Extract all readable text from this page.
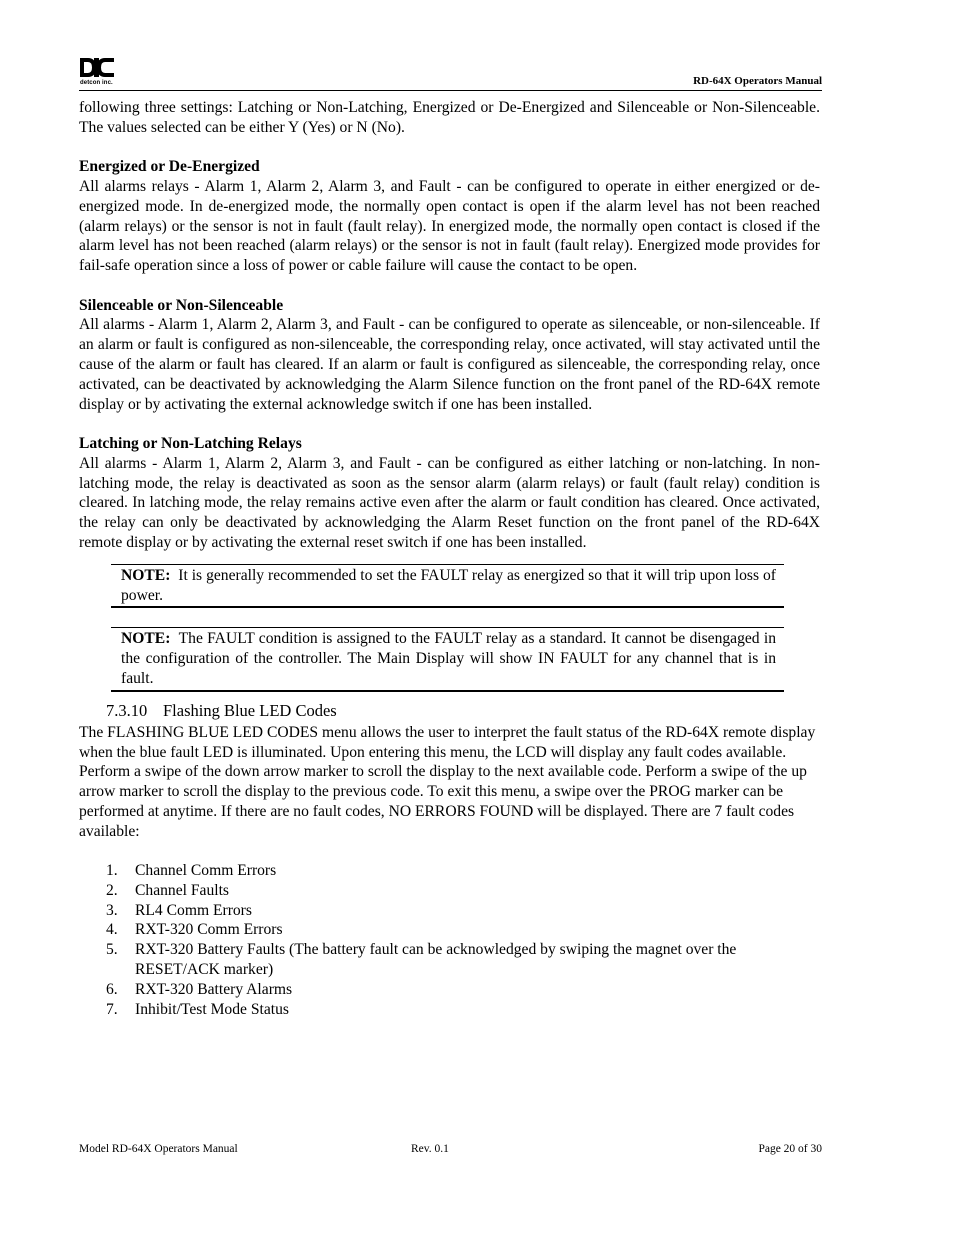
detcon inc.	RD-64X Operators Manual

following three settings: Latching or Non-Latching, Energized or De-Energized and Silenceable or Non-Silenceable. The values selected can be either Y (Yes) or N (No).

Energized or De-Energized

All alarms relays - Alarm 1, Alarm 2, Alarm 3, and Fault - can be configured to operate in either energized or de-energized mode. In de-energized mode, the normally open contact is open if the alarm level has not been reached (alarm relays) or the sensor is not in fault (fault relay). In energized mode, the normally open contact is closed if the alarm level has not been reached (alarm relays) or the sensor is not in fault (fault relay). Energized mode provides for fail-safe operation since a loss of power or cable failure will cause the contact to be open.

Silenceable or Non-Silenceable

All alarms - Alarm 1, Alarm 2, Alarm 3, and Fault - can be configured to operate as silenceable, or non-silenceable. If an alarm or fault is configured as non-silenceable, the corresponding relay, once activated, will stay activated until the cause of the alarm or fault has cleared. If an alarm or fault is configured as silenceable, the corresponding relay, once activated, can be deactivated by acknowledging the Alarm Silence function on the front panel of the RD-64X remote display or by activating the external acknowledge switch if one has been installed.

Latching or Non-Latching Relays

All alarms - Alarm 1, Alarm 2, Alarm 3, and Fault - can be configured as either latching or non-latching. In non-latching mode, the relay is deactivated as soon as the sensor alarm (alarm relays) or fault (fault relay) condition is cleared. In latching mode, the relay remains active even after the alarm or fault condition has cleared. Once activated, the relay can only be deactivated by acknowledging the Alarm Reset function on the front panel of the RD-64X remote display or by activating the external reset switch if one has been installed.

NOTE: It is generally recommended to set the FAULT relay as energized so that it will trip upon loss of power.

NOTE: The FAULT condition is assigned to the FAULT relay as a standard. It cannot be disengaged in the configuration of the controller. The Main Display will show IN FAULT for any channel that is in fault.

7.3.10 Flashing Blue LED Codes

The FLASHING BLUE LED CODES menu allows the user to interpret the fault status of the RD-64X remote display when the blue fault LED is illuminated. Upon entering this menu, the LCD will display any fault codes available. Perform a swipe of the down arrow marker to scroll the display to the next available code. Perform a swipe of the up arrow marker to scroll the display to the previous code. To exit this menu, a swipe over the PROG marker can be performed at anytime. If there are no fault codes, NO ERRORS FOUND will be displayed. There are 7 fault codes available:

1. Channel Comm Errors
2. Channel Faults
3. RL4 Comm Errors
4. RXT-320 Comm Errors
5. RXT-320 Battery Faults (The battery fault can be acknowledged by swiping the magnet over the RESET/ACK marker)
6. RXT-320 Battery Alarms
7. Inhibit/Test Mode Status
Model RD-64X Operators Manual	Rev. 0.1	Page 20 of 30
